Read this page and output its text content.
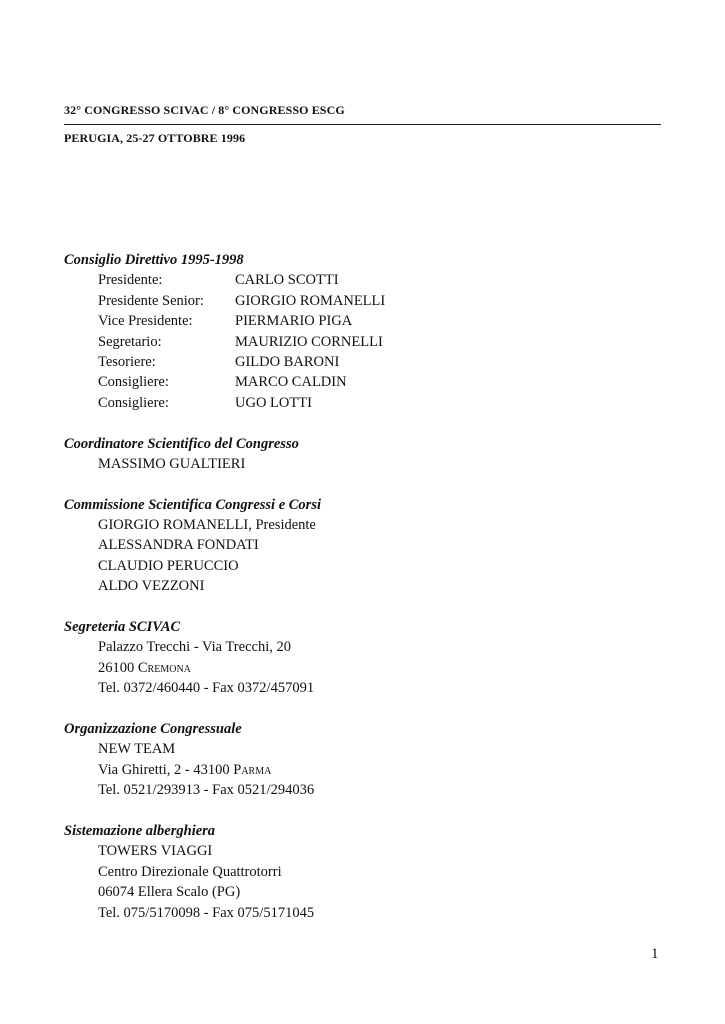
32° CONGRESSO SCIVAC / 8° CONGRESSO ESCG
PERUGIA, 25-27 OTTOBRE 1996
Consiglio Direttivo 1995-1998
Presidente:	CARLO SCOTTI
Presidente Senior: GIORGIO ROMANELLI
Vice Presidente:	PIERMARIO PIGA
Segretario:	MAURIZIO CORNELLI
Tesoriere:	GILDO BARONI
Consigliere:	MARCO CALDIN
Consigliere:	UGO LOTTI
Coordinatore Scientifico del Congresso
MASSIMO GUALTIERI
Commissione Scientifica Congressi e Corsi
GIORGIO ROMANELLI, Presidente
ALESSANDRA FONDATI
CLAUDIO PERUCCIO
ALDO VEZZONI
Segreteria SCIVAC
Palazzo Trecchi - Via Trecchi, 20
26100 Cremona
Tel. 0372/460440 - Fax 0372/457091
Organizzazione Congressuale
NEW TEAM
Via Ghiretti, 2 - 43100 Parma
Tel. 0521/293913 - Fax 0521/294036
Sistemazione alberghiera
TOWERS VIAGGI
Centro Direzionale Quattrotorri
06074 Ellera Scalo (PG)
Tel. 075/5170098 - Fax 075/5171045
1
